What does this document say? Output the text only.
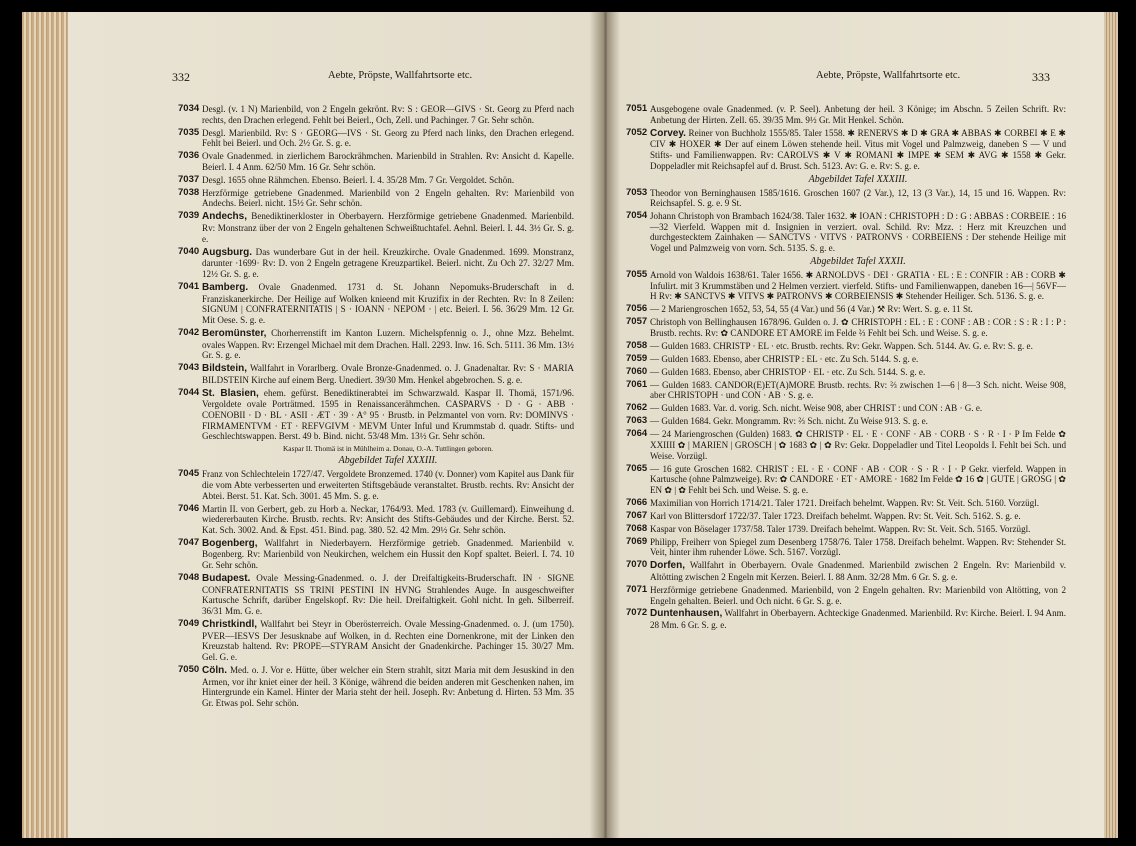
332	Aebte, Pröpste, Wallfahrtsorte etc.
7034 Desgl. (v. 1 N) Marienbild, von 2 Engeln gekrönt. Rv: S : GEOR—GIVS · St. Georg zu Pferd nach rechts, den Drachen erlegend. Fehlt bei Beierl., Och, Zell. und Pachinger. 7 Gr. Sehr schön.
7035 Desgl. Marienbild. Rv: S · GEORG—IVS · St. Georg zu Pferd nach links, den Drachen erlegend. Fehlt bei Beierl. und Och. 2½ Gr. S. g. e.
7036 Ovale Gnadenmed. in zierlichem Barockrähmchen. Marienbild in Strahlen. Rv: Ansicht d. Kapelle. Beierl. I. 4 Anm. 62/50 Mm. 16 Gr. Sehr schön.
7037 Desgl. 1655 ohne Rähmchen. Ebenso. Beierl. I. 4. 35/28 Mm. 7 Gr. Vergoldet. Schön.
7038 Herzförmige getriebene Gnadenmed. Marienbild von 2 Engeln gehalten. Rv: Marienbild von Andechs. Beierl. nicht. 15½ Gr. Sehr schön.
7039 Andechs, Benediktinerkloster in Oberbayern. Herzförmige getriebene Gnadenmed. Marienbild. Rv: Monstranz über der von 2 Engeln gehaltenen Schweißtuchtafel. Aehnl. Beierl. I. 44. 3½ Gr. S. g. e.
7040 Augsburg. Das wunderbare Gut in der heil. Kreuzkirche. Ovale Gnadenmed. 1699. Monstranz, darunter ·1699· Rv: D. von 2 Engeln getragene Kreuzpartikel. Beierl. nicht. Zu Och 27. 32/27 Mm. 12½ Gr. S. g. e.
7041 Bamberg. Ovale Gnadenmed. 1731 d. St. Johann Nepomuks-Bruderschaft in d. Franziskanerkirche. Der Heilige auf Wolken knieend mit Kruzifix in der Rechten. Rv: In 8 Zeilen: SIGNUM | CONFRATERNITATIS | S · IOANN · NEPOM · | etc. Beierl. I. 56. 36/29 Mm. 12 Gr. Mit Oese. S. g. e.
7042 Beromünster, Chorherrenstift im Kanton Luzern. Michelspfennig o. J., ohne Mzz. Behelmt. ovales Wappen. Rv: Erzengel Michael mit dem Drachen. Hall. 2293. Inw. 16. Sch. 5111. 36 Mm. 13½ Gr. S. g. e.
7043 Bildstein, Wallfahrt in Vorarlberg. Ovale Bronze-Gnadenmed. o. J. Gnadenaltar. Rv: S · MARIA BILDSTEIN Kirche auf einem Berg. Unediert. 39/30 Mm. Henkel abgebrochen. S. g. e.
7044 St. Blasien, ehem. gefürst. Benediktinerabtei im Schwarzwald. Kaspar II. Thomä, 1571/96. Vergoldete ovale Porträtmed. 1595 in Renaissancerähmchen. CASPARVS · D · G · ABB · COENOBII · D · BL · ASII · ÆT · 39 · A° 95 · Brustb. in Pelzmantel von vorn. Rv: DOMINVS · FIRMAMENTVM · ET · REFVGIVM · MEVM Unter Inful und Krummstab d. quadr. Stifts- und Geschlechtswappen. Berst. 49 b. Bind. nicht. 53/48 Mm. 13½ Gr. Sehr schön.
Kaspar II. Thomä ist in Mühlheim a. Donau, O.-A. Tuttlingen geboren.
Abgebildet Tafel XXXIII.
7045 Franz von Schlechtelein 1727/47. Vergoldete Bronzemed. 1740 (v. Donner) vom Kapitel aus Dank für die vom Abte verbesserten und erweiterten Stiftsgebäude veranstaltet. Brustb. rechts. Rv: Ansicht der Abtei. Berst. 51. Kat. Sch. 3001. 45 Mm. S. g. e.
7046 Martin II. von Gerbert, geb. zu Horb a. Neckar, 1764/93. Med. 1783 (v. Guillemard). Einweihung d. wiedererbauten Kirche. Brustb. rechts. Rv: Ansicht des Stifts-Gebäudes und der Kirche. Berst. 52. Kat. Sch. 3002. And. & Epst. 451. Bind. pag. 380. 52. 42 Mm. 29½ Gr. Sehr schön.
7047 Bogenberg, Wallfahrt in Niederbayern. Herzförmige getrieb. Gnadenmed. Marienbild v. Bogenberg. Rv: Marienbild von Neukirchen, welchem ein Hussit den Kopf spaltet. Beierl. I. 74. 10 Gr. Sehr schön.
7048 Budapest. Ovale Messing-Gnadenmed. o. J. der Dreifaltigkeits-Bruderschaft. IN · SIGNE CONFRATERNITATIS SS TRINI PESTINI IN HVNG Strahlendes Auge. In ausgeschweifter Kartusche Schrift, darüber Engelskopf. Rv: Die heil. Dreifaltigkeit. Gohl nicht. In geh. Silberreif. 36/31 Mm. G. e.
7049 Christkindl, Wallfahrt bei Steyr in Oberösterreich. Ovale Messing-Gnadenmed. o. J. (um 1750). PVER—IESVS Der Jesusknabe auf Wolken, in d. Rechten eine Dornenkrone, mit der Linken den Kreuzstab haltend. Rv: PROPE—STYRAM Ansicht der Gnadenkirche. Pachinger 15. 30/27 Mm. Gel. G. e.
7050 Cöln. Med. o. J. Vor e. Hütte, über welcher ein Stern strahlt, sitzt Maria mit dem Jesuskind in den Armen, vor ihr kniet einer der heil. 3 Könige, während die beiden anderen mit Geschenken nahen, im Hintergrunde ein Kamel. Hinter der Maria steht der heil. Joseph. Rv: Anbetung d. Hirten. 53 Mm. 35 Gr. Etwas pol. Sehr schön.
Aebte, Pröpste, Wallfahrtsorte etc.	333
7051 Ausgebogene ovale Gnadenmed. (v. P. Seel). Anbetung der heil. 3 Könige; im Abschn. 5 Zeilen Schrift. Rv: Anbetung der Hirten. Zell. 65. 39/35 Mm. 9½ Gr. Mit Henkel. Schön.
7052 Corvey. Reiner von Buchholz 1555/85. Taler 1558. ✱ RENERVS ✱ D ✱ GRA ✱ ABBAS ✱ CORBEI ✱ E ✱ CIV ✱ HOXER ✱ Der auf einem Löwen stehende heil. Vitus mit Vogel und Palmzweig, daneben S — V und Stifts- und Familienwappen. Rv: CAROLVS ✱ V ✱ ROMANI ✱ IMPE ✱ SEM ✱ AVG ✱ 1558 ✱ Gekr. Doppeladler mit Reichsapfel auf d. Brust. Sch. 5123. Av: G. e. Rv: S. g. e.
Abgebildet Tafel XXXIII.
7053 Theodor von Berninghausen 1585/1616. Groschen 1607 (2 Var.), 12, 13 (3 Var.), 14, 15 und 16. Wappen. Rv: Reichsapfel. S. g. e. 9 St.
7054 Johann Christoph von Brambach 1624/38. Taler 1632. ✱ IOAN : CHRISTOPH : D : G : ABBAS : CORBEIE : 16—32 Vierfeld. Wappen mit d. Insignien in verziert. oval. Schild. Rv: Mzz. : Herz mit Kreuzchen und durchgestecktem Zainhaken — SANCTVS · VITVS · PATRONVS · CORBEIENS : Der stehende Heilige mit Vogel und Palmzweig von vorn. Sch. 5135. S. g. e.
Abgebildet Tafel XXXII.
7055 Arnold von Waldois 1638/61. Taler 1656. ✱ ARNOLDVS · DEI · GRATIA · EL : E : CONFIR : AB : CORB ✱ Infulirt. mit 3 Krummstäben und 2 Helmen verziert. vierfeld. Stifts- und Familienwappen, daneben 16—| 56VF—H Rv: ✱ SANCTVS ✱ VITVS ✱ PATRONVS ✱ CORBEIENSIS ✱ Stehender Heiliger. Sch. 5136. S. g. e.
7056 — 2 Mariengroschen 1652, 53, 54, 55 (4 Var.) und 56 (4 Var.) ⚒ Rv: Wert. S. g. e. 11 St.
7057 Christoph von Bellinghausen 1678/96. Gulden o. J. ✿ CHRISTOPH : EL : E : CONF : AB : COR : S : R : I : P : Brustb. rechts. Rv: ✿ CANDORE ET AMORE im Felde ⅔ Fehlt bei Sch. und Weise. S. g. e.
7058 — Gulden 1683. CHRISTP · EL · etc. Brustb. rechts. Rv: Gekr. Wappen. Sch. 5144. Av. G. e. Rv: S. g. e.
7059 — Gulden 1683. Ebenso, aber CHRISTP : EL · etc. Zu Sch. 5144. S. g. e.
7060 — Gulden 1683. Ebenso, aber CHRISTOP · EL · etc. Zu Sch. 5144. S. g. e.
7061 — Gulden 1683. CANDOR(E)ET(A)MORE Brustb. rechts. Rv: ⅔ zwischen 1—6 | 8—3 Sch. nicht. Weise 908, aber CHRISTOPH · und CON · AB · S. g. e.
7062 — Gulden 1683. Var. d. vorig. Sch. nicht. Weise 908, aber CHRIST : und CON : AB · G. e.
7063 — Gulden 1684. Gekr. Mongramm. Rv: ⅔ Sch. nicht. Zu Weise 913. S. g. e.
7064 — 24 Mariengroschen (Gulden) 1683. ✿ CHRISTP · EL · E · CONF · AB · CORB · S · R · I · P Im Felde ✿ XXIIII ✿ | MARIEN | GROSCH | ✿ 1683 ✿ | ✿ Rv: Gekr. Doppeladler und Titel Leopolds I. Fehlt bei Sch. und Weise. Vorzügl.
7065 — 16 gute Groschen 1682. CHRIST : EL · E · CONF · AB · COR · S · R · I · P Gekr. vierfeld. Wappen in Kartusche (ohne Palmzweige). Rv: ✿ CANDORE · ET · AMORE · 1682 Im Felde ✿ 16 ✿ | GUTE | GROSG | ✿ EN ✿ | ✿ Fehlt bei Sch. und Weise. S. g. e.
7066 Maximilian von Horrich 1714/21. Taler 1721. Dreifach behelmt. Wappen. Rv: St. Veit. Sch. 5160. Vorzügl.
7067 Karl von Blittersdorf 1722/37. Taler 1723. Dreifach behelmt. Wappen. Rv: St. Veit. Sch. 5162. S. g. e.
7068 Kaspar von Böselager 1737/58. Taler 1739. Dreifach behelmt. Wappen. Rv: St. Veit. Sch. 5165. Vorzügl.
7069 Philipp, Freiherr von Spiegel zum Desenberg 1758/76. Taler 1758. Dreifach behelmt. Wappen. Rv: Stehender St. Veit, hinter ihm ruhender Löwe. Sch. 5167. Vorzügl.
7070 Dorfen, Wallfahrt in Oberbayern. Ovale Gnadenmed. Marienbild zwischen 2 Engeln. Rv: Marienbild v. Altötting zwischen 2 Engeln mit Kerzen. Beierl. I. 88 Anm. 32/28 Mm. 6 Gr. S. g. e.
7071 Herzförmige getriebene Gnadenmed. Marienbild, von 2 Engeln gehalten. Rv: Marienbild von Altötting, von 2 Engeln gehalten. Beierl. und Och nicht. 6 Gr. S. g. e.
7072 Duntenhausen, Wallfahrt in Oberbayern. Achteckige Gnadenmed. Marienbild. Rv: Kirche. Beierl. I. 94 Anm. 28 Mm. 6 Gr. S. g. e.
